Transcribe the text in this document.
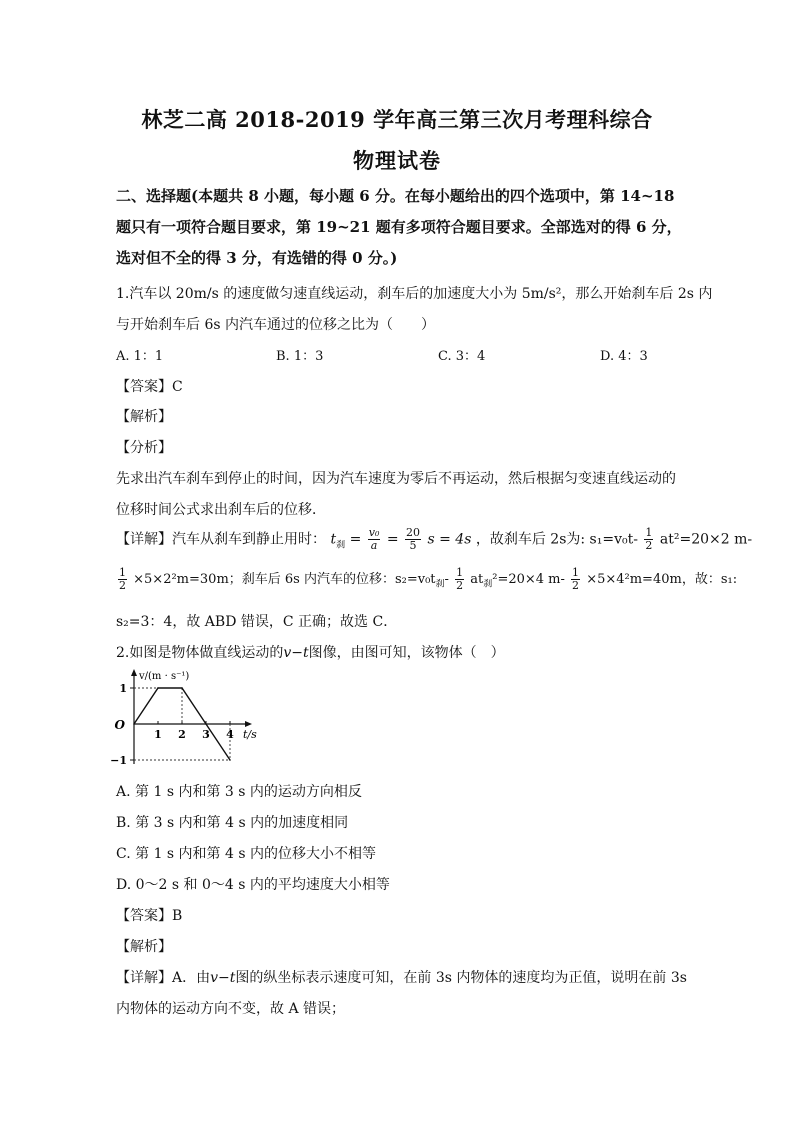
林芝二高 2018-2019 学年高三第三次月考理科综合
物理试卷
二、选择题(本题共 8 小题，每小题 6 分。在每小题给出的四个选项中，第 14~18 题只有一项符合题目要求，第 19~21 题有多项符合题目要求。全部选对的得 6 分，选对但不全的得 3 分，有选错的得 0 分。)
1.汽车以 20m/s 的速度做匀速直线运动，刹车后的加速度大小为 5m/s²，那么开始刹车后 2s 内
与开始刹车后 6s 内汽车通过的位移之比为（　　）
A. 1：1	B. 1：3	C. 3：4	D. 4：3
【答案】C
【解析】
【分析】
先求出汽车刹车到停止的时间，因为汽车速度为零后不再运动，然后根据匀变速直线运动的
位移时间公式求出刹车后的位移．
【详解】汽车从刹车到静止用时： $t_刹 = \frac{\text{v₀}}{a} = \frac{20}{5}$ s = 4s ，故刹车后 2s为: $s_1=v_0t- \frac{1}{2} at^2=20\times 2$ m-
$\frac{1}{2} \times 5\times 2^2m=30m$；刹车后 6s 内汽车的位移：$s_2=v_0t_刹- \frac{1}{2} at_刹^2=20\times 4$ $m- \frac{1}{2} \times 5\times 4^2m=40m$，故：s₁:
s₂=3：4，故 ABD 错误，C 正确；故选 C．
2.如图是物体做直线运动的v−t图像，由图可知，该物体（　）
1
−1
1 2 3 4
O
v/(m · s⁻¹)
t/s
A. 第 1 s 内和第 3 s 内的运动方向相反
B. 第 3 s 内和第 4 s 内的加速度相同
C. 第 1 s 内和第 4 s 内的位移大小不相等
D. 0～2 s 和 0～4 s 内的平均速度大小相等
【答案】B
【解析】
【详解】A．由v−t图的纵坐标表示速度可知，在前 3s 内物体的速度均为正值，说明在前 3s
内物体的运动方向不变，故 A 错误；
